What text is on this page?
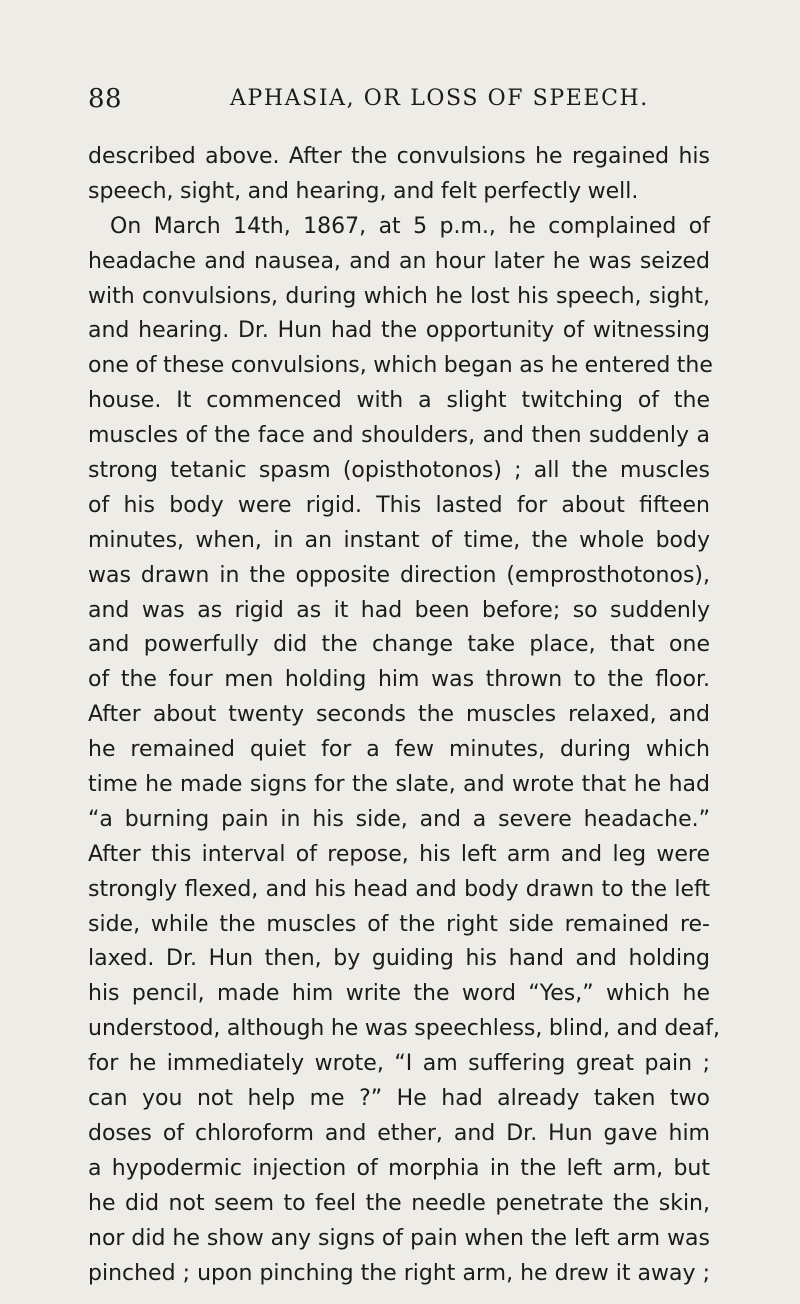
88	APHASIA, OR LOSS OF SPEECH.
described above. After the convulsions he regained his
speech, sight, and hearing, and felt perfectly well.
On March 14th, 1867, at 5 p.m., he complained of
headache and nausea, and an hour later he was seized
with convulsions, during which he lost his speech, sight,
and hearing. Dr. Hun had the opportunity of witnessing
one of these convulsions, which began as he entered the
house. It commenced with a slight twitching of the
muscles of the face and shoulders, and then suddenly a
strong tetanic spasm (opisthotonos) ; all the muscles
of his body were rigid. This lasted for about fifteen
minutes, when, in an instant of time, the whole body
was drawn in the opposite direction (emprosthotonos),
and was as rigid as it had been before; so suddenly
and powerfully did the change take place, that one
of the four men holding him was thrown to the floor.
After about twenty seconds the muscles relaxed, and
he remained quiet for a few minutes, during which
time he made signs for the slate, and wrote that he had
“a burning pain in his side, and a severe headache.”
After this interval of repose, his left arm and leg were
strongly flexed, and his head and body drawn to the left
side, while the muscles of the right side remained re-
laxed. Dr. Hun then, by guiding his hand and holding
his pencil, made him write the word “Yes,” which he
understood, although he was speechless, blind, and deaf,
for he immediately wrote, “I am suffering great pain ;
can you not help me ?” He had already taken two
doses of chloroform and ether, and Dr. Hun gave him
a hypodermic injection of morphia in the left arm, but
he did not seem to feel the needle penetrate the skin,
nor did he show any signs of pain when the left arm was
pinched ; upon pinching the right arm, he drew it away ;
